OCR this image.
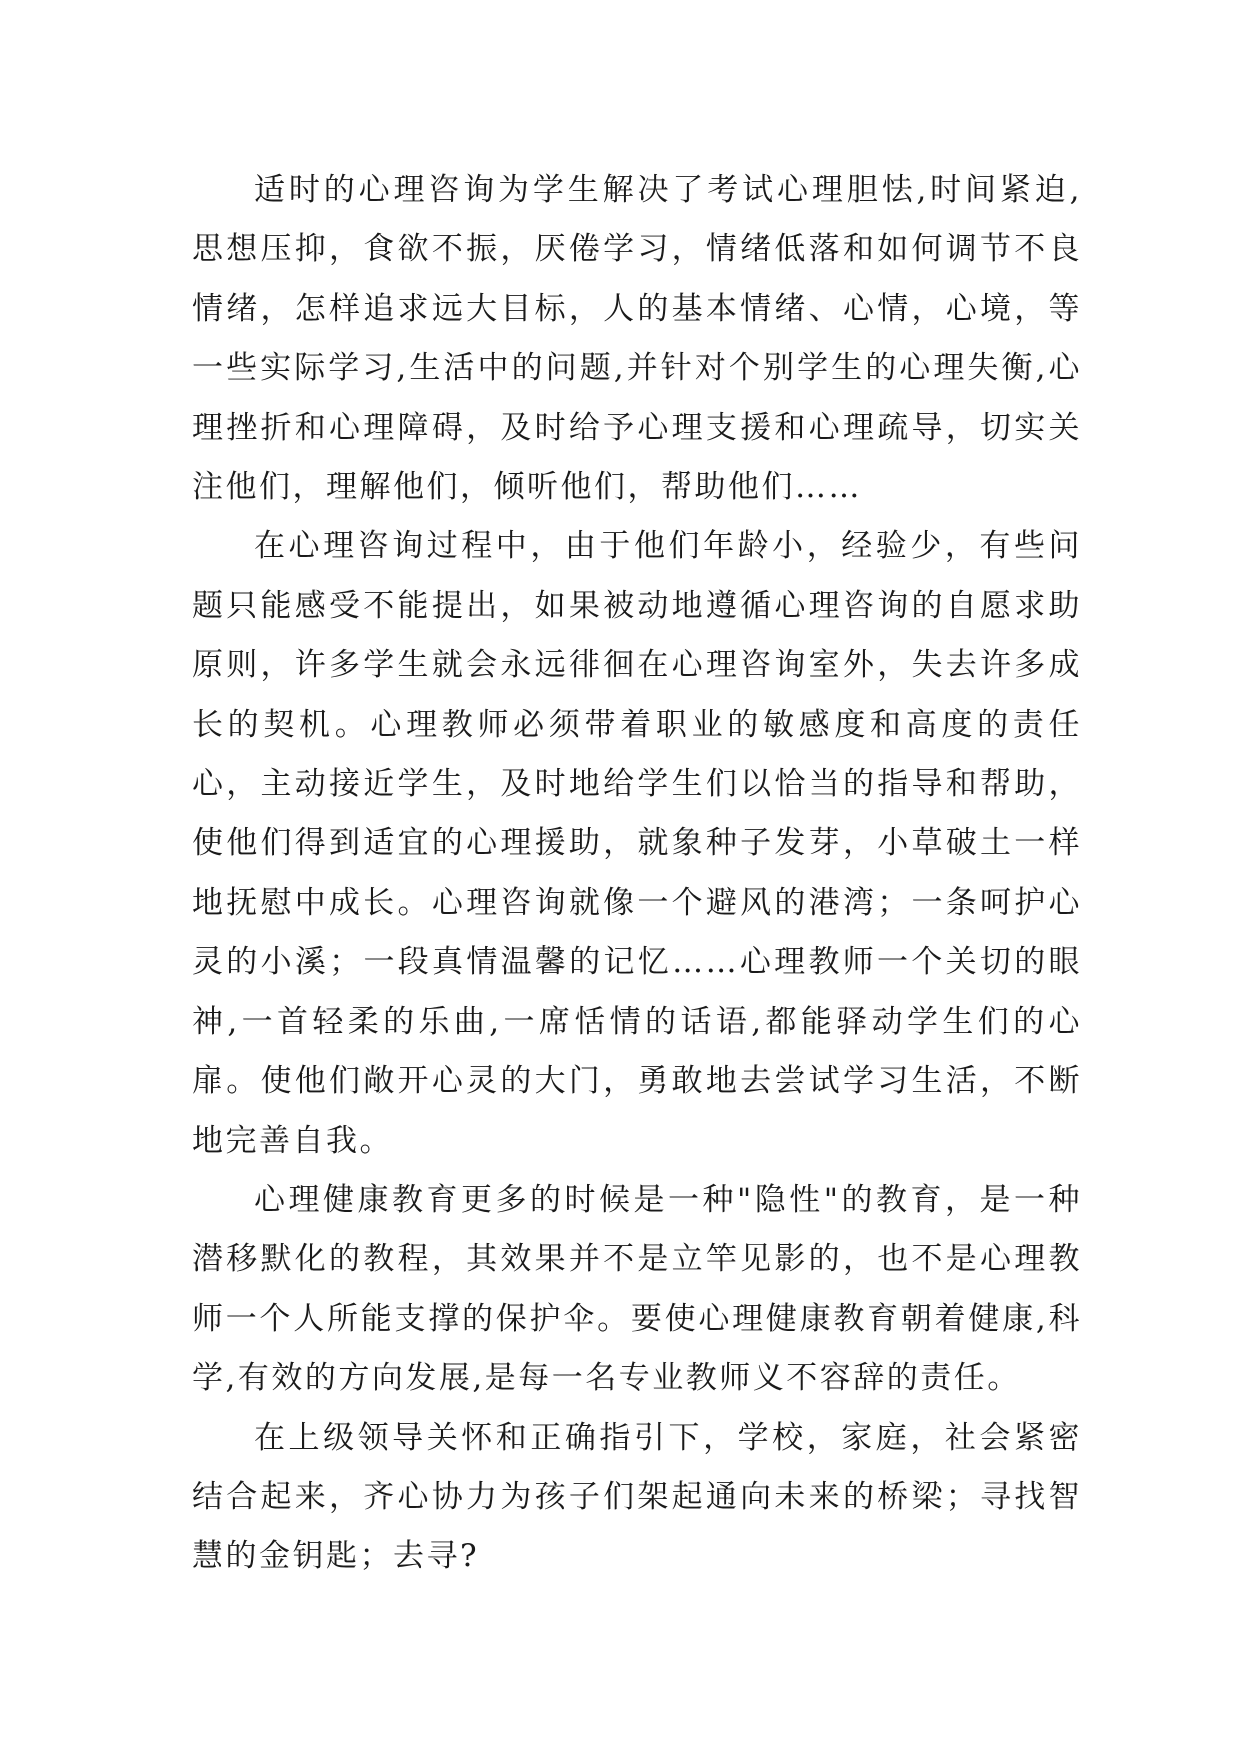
适时的心理咨询为学生解决了考试心理胆怯,时间紧迫,思想压抑，食欲不振，厌倦学习，情绪低落和如何调节不良情绪，怎样追求远大目标，人的基本情绪、心情，心境，等一些实际学习,生活中的问题,并针对个别学生的心理失衡,心理挫折和心理障碍，及时给予心理支援和心理疏导，切实关注他们，理解他们，倾听他们，帮助他们……

在心理咨询过程中，由于他们年龄小，经验少，有些问题只能感受不能提出，如果被动地遵循心理咨询的自愿求助原则，许多学生就会永远徘徊在心理咨询室外，失去许多成长的契机。心理教师必须带着职业的敏感度和高度的责任心，主动接近学生，及时地给学生们以恰当的指导和帮助，使他们得到适宜的心理援助，就象种子发芽，小草破土一样地抚慰中成长。心理咨询就像一个避风的港湾；一条呵护心灵的小溪；一段真情温馨的记忆……心理教师一个关切的眼神,一首轻柔的乐曲,一席恬情的话语,都能驿动学生们的心扉。使他们敞开心灵的大门，勇敢地去尝试学习生活，不断地完善自我。

心理健康教育更多的时候是一种"隐性"的教育，是一种潜移默化的教程，其效果并不是立竿见影的，也不是心理教师一个人所能支撑的保护伞。要使心理健康教育朝着健康,科学,有效的方向发展,是每一名专业教师义不容辞的责任。

在上级领导关怀和正确指引下，学校，家庭，社会紧密结合起来，齐心协力为孩子们架起通向未来的桥梁；寻找智慧的金钥匙；去寻?
